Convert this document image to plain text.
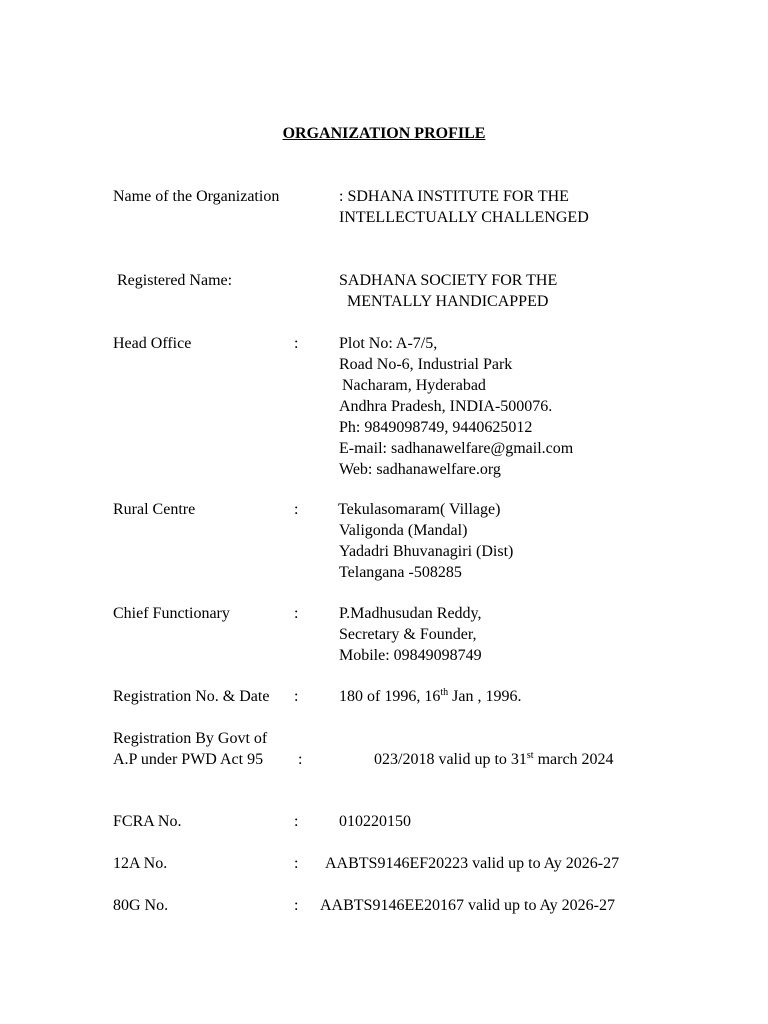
ORGANIZATION PROFILE
Name of the Organization	: SDHANA INSTITUTE FOR THE
INTELLECTUALLY CHALLENGED
Registered Name:	SADHANA SOCIETY FOR THE
MENTALLY HANDICAPPED
Head Office	:	Plot No: A-7/5,
Road No-6, Industrial Park
Nacharam, Hyderabad
Andhra Pradesh, INDIA-500076.
Ph: 9849098749, 9440625012
E-mail: sadhanawelfare@gmail.com
Web: sadhanawelfare.org
Rural Centre	: Tekulasomaram( Village)
Valigonda (Mandal)
Yadadri Bhuvanagiri (Dist)
Telangana -508285
Chief Functionary	:	P.Madhusudan Reddy,
Secretary & Founder,
Mobile: 09849098749
Registration No. & Date :	180 of 1996, 16th Jan , 1996.
Registration By Govt of
A.P under PWD Act 95 :	023/2018 valid up to 31st march 2024
FCRA No.	:	010220150
12A No.	: AABTS9146EF20223 valid up to Ay 2026-27
80G No.	: AABTS9146EE20167 valid up to Ay 2026-27
